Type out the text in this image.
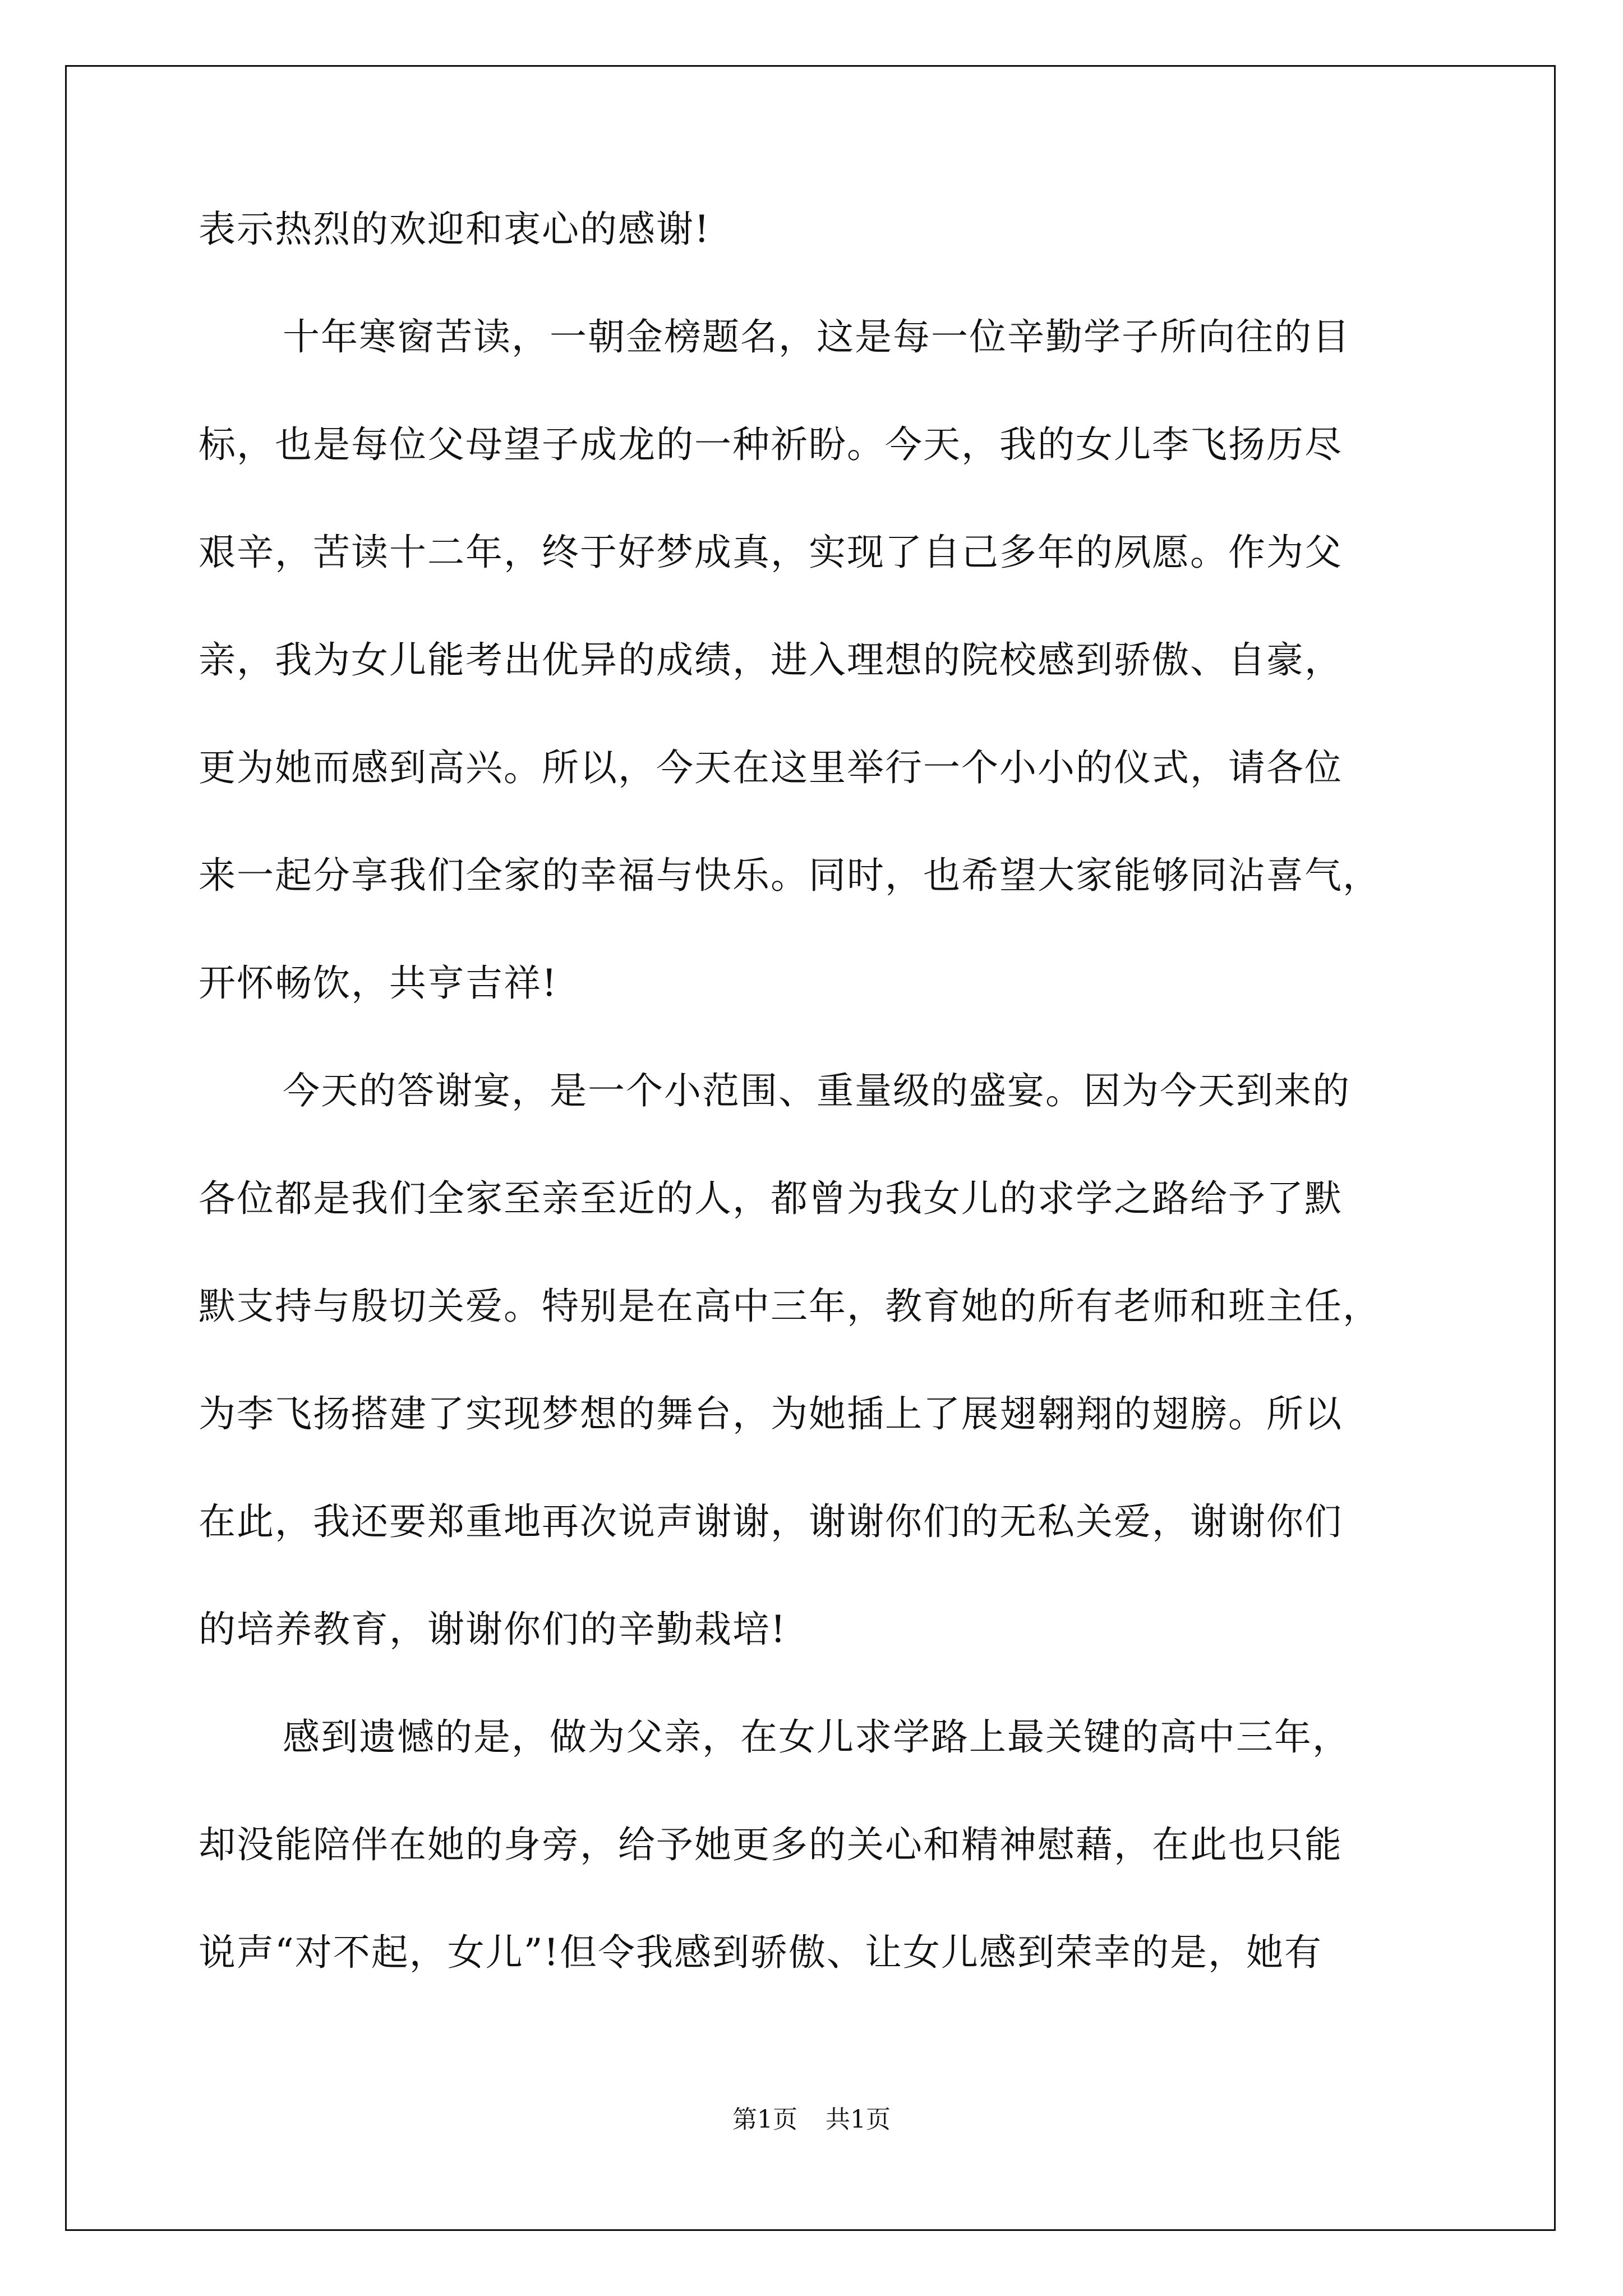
表示热烈的欢迎和衷心的感谢!
十年寒窗苦读，一朝金榜题名，这是每一位辛勤学子所向往的目
标，也是每位父母望子成龙的一种祈盼。今天，我的女儿李飞扬历尽
艰辛，苦读十二年，终于好梦成真，实现了自己多年的夙愿。作为父
亲，我为女儿能考出优异的成绩，进入理想的院校感到骄傲、自豪，
更为她而感到高兴。所以，今天在这里举行一个小小的仪式，请各位
来一起分享我们全家的幸福与快乐。同时，也希望大家能够同沾喜气，
开怀畅饮，共亨吉祥!
今天的答谢宴，是一个小范围、重量级的盛宴。因为今天到来的
各位都是我们全家至亲至近的人，都曾为我女儿的求学之路给予了默
默支持与殷切关爱。特别是在高中三年，教育她的所有老师和班主任，
为李飞扬搭建了实现梦想的舞台，为她插上了展翅翱翔的翅膀。所以
在此，我还要郑重地再次说声谢谢，谢谢你们的无私关爱，谢谢你们
的培养教育，谢谢你们的辛勤栽培!
感到遗憾的是，做为父亲，在女儿求学路上最关键的高中三年，
却没能陪伴在她的身旁，给予她更多的关心和精神慰藉，在此也只能
说声“对不起，女儿”!但令我感到骄傲、让女儿感到荣幸的是，她有
第1页 共1页
